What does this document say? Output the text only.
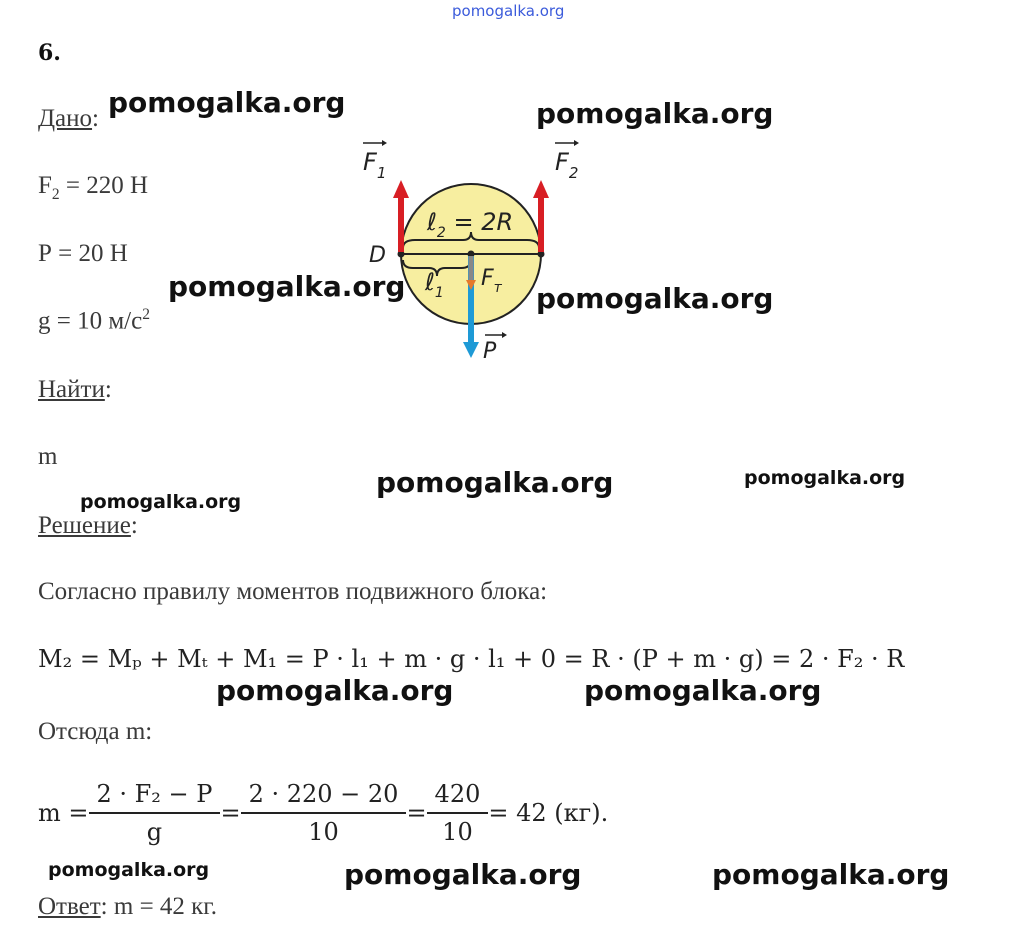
pomogalka.org
6.
Дано:
$F_2 = 220$ Н
Р = 20 Н
g = 10 $м/с^2$
Найти:
m
Решение:
Согласно правилу моментов подвижного блока:
M₂ = Mₚ + Mₜ + M₁ = P · l₁ + m · g · l₁ + 0 = R · (P + m · g) = 2 · F₂ · R
Отсюда m:
$m = \frac{\text{2 · F₂ − P}}{g} = \frac{2 \cdot 220 - 20}{10} = \frac{420}{10} = 42$ (кг).
Ответ: m = 42 кг.
$F_1$	$F_2$
D
ℓ$_2$ = 2R
ℓ$_1$
$F_т$
P
pomogalka.org	pomogalka.org
pomogalka.org	pomogalka.org
pomogalka.org	pomogalka.org
pomogalka.org
pomogalka.org	pomogalka.org
pomogalka.org	pomogalka.org	pomogalka.org
